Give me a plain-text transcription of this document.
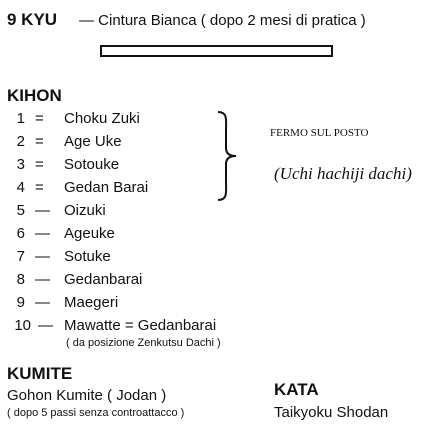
9 KYU — Cintura Bianca ( dopo 2 mesi di pratica )
KIHON
1 = Choku Zuki
2 = Age Uke
3 = Sotouke
4 = Gedan Barai
5 — Oizuki
6 — Ageuke
7 — Sotuke
8 — Gedanbarai
9 — Maegeri
10 — Mawatte = Gedanbarai
FERMO SUL POSTO
(Uchi hachiji dachi)
( da posizione Zenkutsu Dachi )
KUMITE
Gohon Kumite ( Jodan )
( dopo 5 passi senza controattacco )
KATA
Taikyoku Shodan
